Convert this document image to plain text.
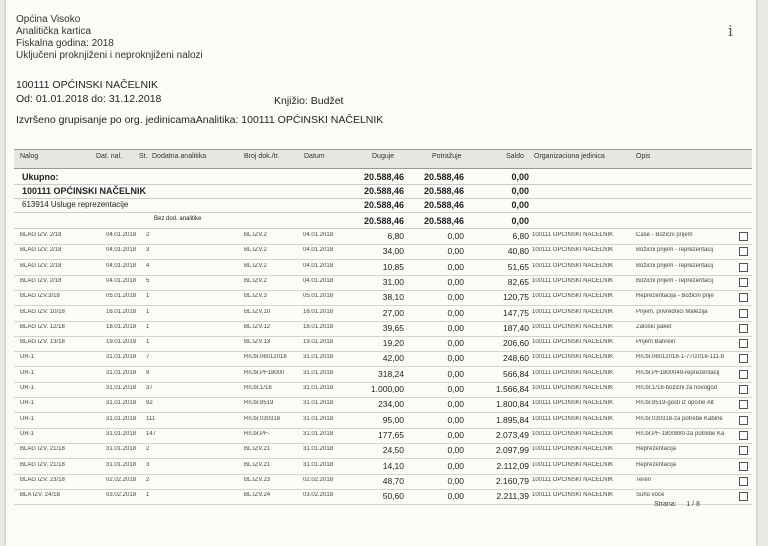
Općina Visoko
Analitička kartica
Fiskalna godina: 2018
Uključeni proknjiženi i neproknjiženi nalozi
i
100111 OPĆINSKI NAČELNIK
Od: 01.01.2018 do: 31.12.2018	Knjižio: Budžet
Izvršeno grupisanje po org. jedinicamaAnalitika: 100111 OPĆINSKI NAČELNIK
Nalog	Dat. nal. St. Dodatna analitika	Broj dok./tr.	Datum	Duguje	Potražuje	Saldo Organizaciona jedinica	Opis
Ukupno:	20.588,46	20.588,46	0,00
100111 OPĆINSKI NAČELNIK	20.588,46	20.588,46	0,00
613914 Usluge reprezentacije	20.588,46	20.588,46	0,00
Bez dod. analitike	20.588,46	20.588,46	0,00
BLAG IZV. 2/18	04.01.2018	2	BL.IZV.2	04.01.2018	6,80	0,00	6,80 100111 OPĆINSKI NAČELNIK	Čaše - Božićni prijem
BLAG IZV. 2/18	04.01.2018	3	BL.IZV.2	04.01.2018	34,00	0,00	40,80 100111 OPĆINSKI NAČELNIK	Božićni prijem - reprezentacij
BLAG IZV. 2/18	04.01.2018	4	BL.IZV.2	04.01.2018	10,85	0,00	51,65 100111 OPĆINSKI NAČELNIK	Božićni prijem - reprezentacij
BLAG IZV. 2/18	04.01.2018	5	BL.IZV.2	04.01.2018	31,00	0,00	82,65 100111 OPĆINSKI NAČELNIK	Božićni prijem - reprezentacij
BLAG IZV.3/18	05.01.2018	1	BL.IZV.3	05.01.2018	38,10	0,00	120,75 100111 OPĆINSKI NAČELNIK	Reprezentacija - Božićni prije
BLAG IZV. 10/18	16.01.2018	1	BL.IZV.10	16.01.2018	27,00	0,00	147,75 100111 OPĆINSKI NAČELNIK	Prijem, privrednici Malezija
BLAG IZV. 12/18	18.01.2018	1	BL.IZV.12	18.01.2018	39,65	0,00	187,40 100111 OPĆINSKI NAČELNIK	Zaloški paket
BLAG IZV. 13/18	19.01.2018	1	BL.IZV.13	19.01.2018	19,20	0,00	206,60 100111 OPĆINSKI NAČELNIK	Prijem Bahrein
UR-1	31.01.2018	7	Rn.br.06012018	31.01.2018	42,00	0,00	248,60 100111 OPĆINSKI NAČELNIK	Rn.br.06012018-1-77/2018-111-b
UR-1	31.01.2018	9	Rn.br.PF18000	31.01.2018	318,24	0,00	566,84 100111 OPĆINSKI NAČELNIK	Rn.br.PF1800049-reprezentacij
UR-1	31.01.2018	37	Rn.br.1/18	31.01.2018	1.000,00	0,00	1.566,84 100111 OPĆINSKI NAČELNIK	Rn.br.1/18-božićni za novogod
UR-1	31.01.2018	92	Rn.br.8519	31.01.2018	234,00	0,00	1.800,84 100111 OPĆINSKI NAČELNIK	Rn.br.8519-gosti iz općine Alt
UR-1	31.01.2018	111	Rn.br.030318	31.01.2018	95,00	0,00	1.895,84 100111 OPĆINSKI NAČELNIK	Rn.br.030318-za potrebe Kabine
UR-1	31.01.2018	147	Rn.br.PF-	31.01.2018	177,65	0,00	2.073,49 100111 OPĆINSKI NAČELNIK	Rn.br.PF-1800880-za potrebe Ka
BLAG IZV. 21/18	31.01.2018	2	BL.IZV.21	31.01.2018	24,50	0,00	2.097,99 100111 OPĆINSKI NAČELNIK	Reprezentacija
BLAG IZV. 21/18	31.01.2018	3	BL.IZV.21	31.01.2018	14,10	0,00	2.112,09 100111 OPĆINSKI NAČELNIK	Reprezentacija
BLAG IZV. 23/18	02.02.2018	2	BL.IZV.23	02.02.2018	48,70	0,00	2.160,79 100111 OPĆINSKI NAČELNIK	Teren
BLA IZV. 24/18	03.02.2018	1	BL.IZV.24	03.02.2018	50,60	0,00	2.211,39 100111 OPĆINSKI NAČELNIK	Suho voće
Strana: 1 / 8
